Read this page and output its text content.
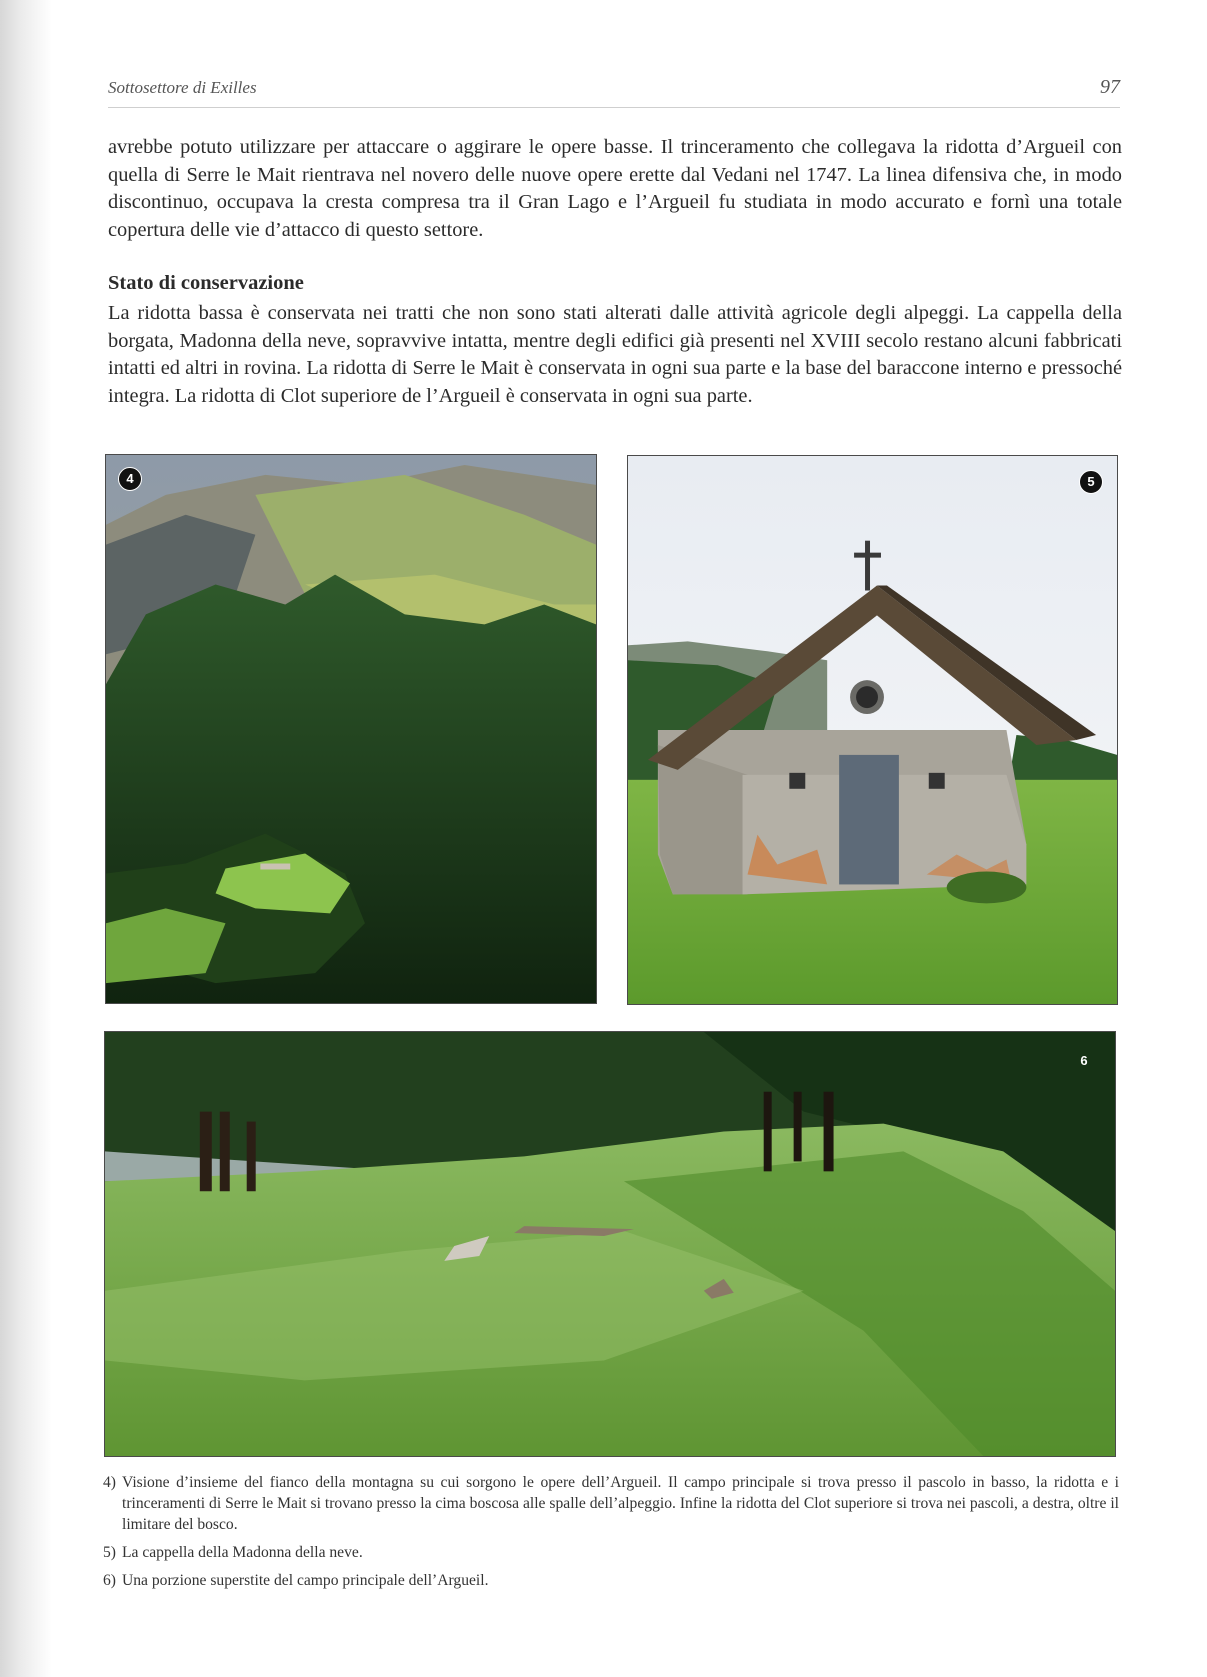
Sottosettore di Exilles	97

avrebbe potuto utilizzare per attaccare o aggirare le opere basse. Il trinceramento che collegava la ridotta d’Argueil con quella di Serre le Mait rientrava nel novero delle nuove opere erette dal Vedani nel 1747. La linea difensiva che, in modo discontinuo, occupava la cresta compresa tra il Gran Lago e l’Argueil fu studiata in modo accurato e fornì una totale copertura delle vie d’attacco di questo settore.

Stato di conservazione

La ridotta bassa è conservata nei tratti che non sono stati alterati dalle attività agricole degli alpeggi. La cappella della borgata, Madonna della neve, sopravvive intatta, mentre degli edifici già presenti nel XVIII secolo restano alcuni fabbricati intatti ed altri in rovina. La ridotta di Serre le Mait è conservata in ogni sua parte e la base del baraccone interno e pressoché integra. La ridotta di Clot superiore de l’Argueil è conservata in ogni sua parte.

4	5
6

4) Visione d’insieme del fianco della montagna su cui sorgono le opere dell’Argueil. Il campo principale si trova presso il pascolo in basso, la ridotta e i trinceramenti di Serre le Mait si trovano presso la cima boscosa alle spalle dell’alpeggio. Infine la ridotta del Clot superiore si trova nei pascoli, a destra, oltre il limitare del bosco.

5) La cappella della Madonna della neve.

6) Una porzione superstite del campo principale dell’Argueil.
